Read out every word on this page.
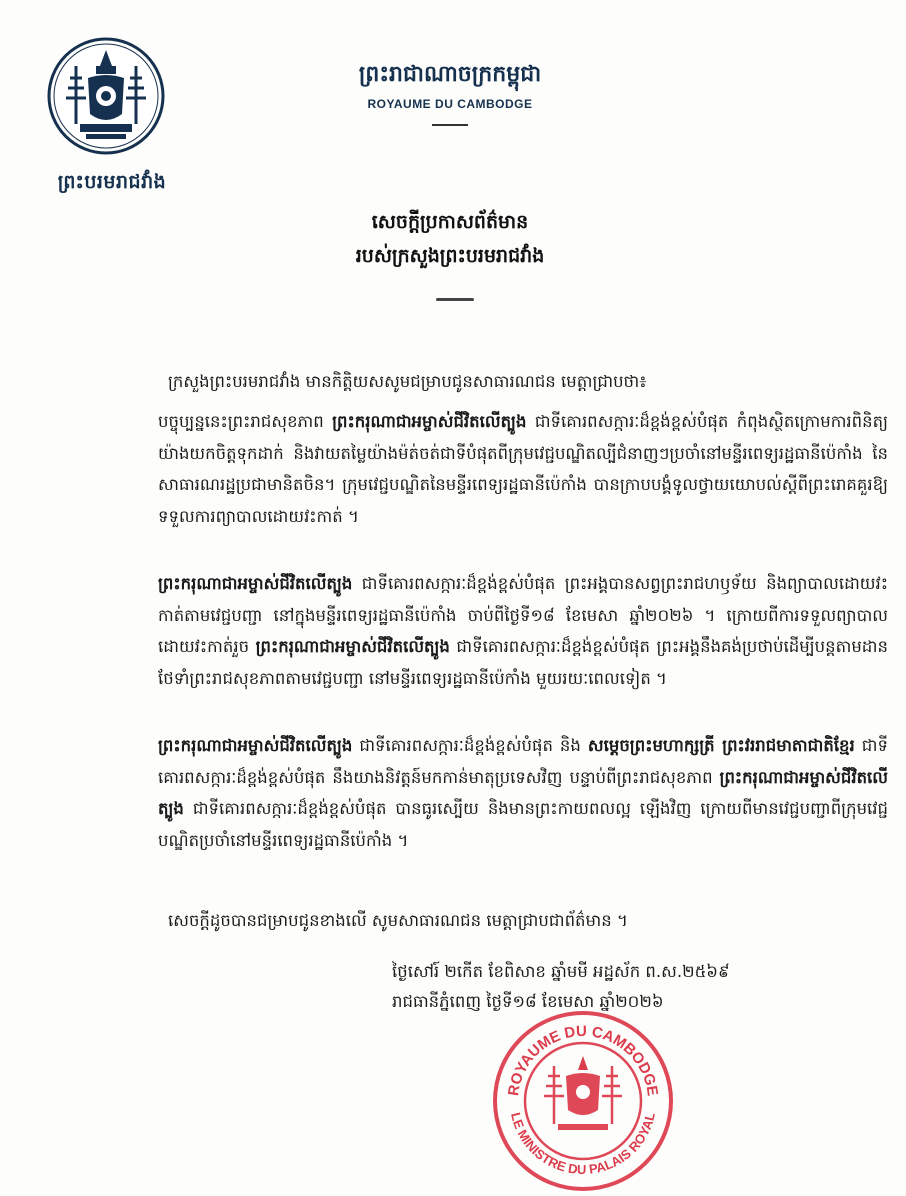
ព្រះបរមរាជវាំង
ព្រះរាជាណាចក្រកម្ពុជា
ROYAUME DU CAMBODGE
សេចក្តីប្រកាសព័ត៌មាន
របស់ក្រសួងព្រះបរមរាជវាំង
ក្រសួងព្រះបរមរាជវាំង មានកិត្តិយសសូមជម្រាបជូនសាធារណជន មេត្តាជ្រាបថា៖
បច្ចុប្បន្ននេះព្រះរាជសុខភាព ព្រះករុណាជាអម្ចាស់ជីវិតលើត្បូង ជាទីគោរពសក្ការៈដ៏ខ្ពង់ខ្ពស់បំផុត កំពុងស្ថិតក្រោមការពិនិត្យយ៉ាងយកចិត្តទុកដាក់ និងវាយតម្លៃយ៉ាងម៉ត់ចត់ជាទីបំផុតពីក្រុមវេជ្ជបណ្ឌិតល្បីជំនាញៗប្រចាំនៅមន្ទីរពេទ្យរដ្ឋធានីប៉េកាំង នៃសាធារណរដ្ឋប្រជាមានិតចិន។ ក្រុមវេជ្ជបណ្ឌិតនៃមន្ទីរពេទ្យរដ្ឋធានីប៉េកាំង បានក្រាបបង្គំទូលថ្វាយយោបល់ស្តីពីព្រះរោគគួរឱ្យទទួលការព្យាបាលដោយវះកាត់ ។
ព្រះករុណាជាអម្ចាស់ជីវិតលើត្បូង ជាទីគោរពសក្ការៈដ៏ខ្ពង់ខ្ពស់បំផុត ព្រះអង្គបានសព្វព្រះរាជហឫទ័យ និងព្យាបាលដោយវះកាត់តាមវេជ្ជបញ្ជា នៅក្នុងមន្ទីរពេទ្យរដ្ឋធានីប៉េកាំង ចាប់ពីថ្ងៃទី១៨ ខែមេសា ឆ្នាំ២០២៦ ។ ក្រោយពីការទទួលព្យាបាលដោយវះកាត់រួច ព្រះករុណាជាអម្ចាស់ជីវិតលើត្បូង ជាទីគោរពសក្ការៈដ៏ខ្ពង់ខ្ពស់បំផុត ព្រះអង្គនឹងគង់ប្រថាប់ដើម្បីបន្តតាមដានថែទាំព្រះរាជសុខភាពតាមវេជ្ជបញ្ជា នៅមន្ទីរពេទ្យរដ្ឋធានីប៉េកាំង មួយរយៈពេលទៀត ។
ព្រះករុណាជាអម្ចាស់ជីវិតលើត្បូង ជាទីគោរពសក្ការៈដ៏ខ្ពង់ខ្ពស់បំផុត និង សម្តេចព្រះមហាក្សត្រី ព្រះវររាជមាតាជាតិខ្មែរ ជាទីគោរពសក្ការៈដ៏ខ្ពង់ខ្ពស់បំផុត នឹងយាងនិវត្តន៍មកកាន់មាតុប្រទេសវិញ បន្ទាប់ពីព្រះរាជសុខភាព ព្រះករុណាជាអម្ចាស់ជីវិតលើត្បូង ជាទីគោរពសក្ការៈដ៏ខ្ពង់ខ្ពស់បំផុត បានធូរស្បើយ និងមានព្រះកាយពលល្អ ឡើងវិញ ក្រោយពីមានវេជ្ជបញ្ជាពីក្រុមវេជ្ជបណ្ឌិតប្រចាំនៅមន្ទីរពេទ្យរដ្ឋធានីប៉េកាំង ។
សេចក្តីដូចបានជម្រាបជូនខាងលើ សូមសាធារណជន មេត្តាជ្រាបជាព័ត៌មាន ។
ថ្ងៃសៅរ៍ ២កើត ខែពិសាខ ឆ្នាំមមី អដ្ឋស័ក ព.ស.២៥៦៩
រាជធានីភ្នំពេញ ថ្ងៃទី១៨ ខែមេសា ឆ្នាំ២០២៦
ROYAUME DU CAMBODGE
LE MINISTRE DU PALAIS ROYAL
